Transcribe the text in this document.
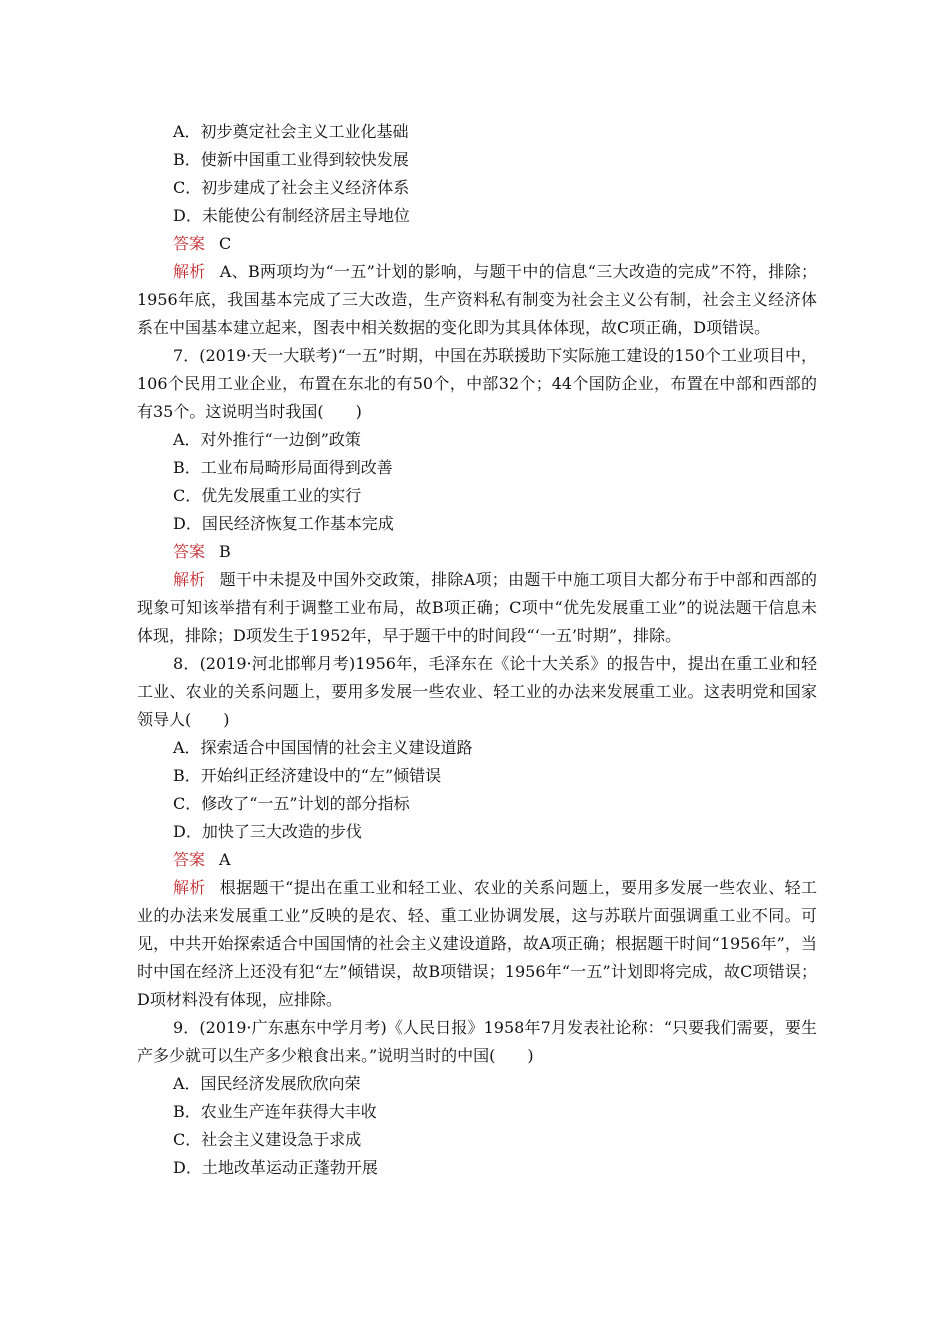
A．初步奠定社会主义工业化基础
B．使新中国重工业得到较快发展
C．初步建成了社会主义经济体系
D．未能使公有制经济居主导地位
答案 C
解析 A、B两项均为“一五”计划的影响，与题干中的信息“三大改造的完成”不符，排除；1956年底，我国基本完成了三大改造，生产资料私有制变为社会主义公有制，社会主义经济体系在中国基本建立起来，图表中相关数据的变化即为其具体体现，故C项正确，D项错误。
7．(2019·天一大联考)“一五”时期，中国在苏联援助下实际施工建设的150个工业项目中，106个民用工业企业，布置在东北的有50个，中部32个；44个国防企业，布置在中部和西部的有35个。这说明当时我国(　　)
A．对外推行“一边倒”政策
B．工业布局畸形局面得到改善
C．优先发展重工业的实行
D．国民经济恢复工作基本完成
答案 B
解析 题干中未提及中国外交政策，排除A项；由题干中施工项目大都分布于中部和西部的现象可知该举措有利于调整工业布局，故B项正确；C项中“优先发展重工业”的说法题干信息未体现，排除；D项发生于1952年，早于题干中的时间段“‘一五’时期”，排除。
8．(2019·河北邯郸月考)1956年，毛泽东在《论十大关系》的报告中，提出在重工业和轻工业、农业的关系问题上，要用多发展一些农业、轻工业的办法来发展重工业。这表明党和国家领导人(　　)
A．探索适合中国国情的社会主义建设道路
B．开始纠正经济建设中的“左”倾错误
C．修改了“一五”计划的部分指标
D．加快了三大改造的步伐
答案 A
解析 根据题干“提出在重工业和轻工业、农业的关系问题上，要用多发展一些农业、轻工业的办法来发展重工业”反映的是农、轻、重工业协调发展，这与苏联片面强调重工业不同。可见，中共开始探索适合中国国情的社会主义建设道路，故A项正确；根据题干时间“1956年”，当时中国在经济上还没有犯“左”倾错误，故B项错误；1956年“一五”计划即将完成，故C项错误；D项材料没有体现，应排除。
9．(2019·广东惠东中学月考)《人民日报》1958年7月发表社论称：“只要我们需要，要生产多少就可以生产多少粮食出来。”说明当时的中国(　　)
A．国民经济发展欣欣向荣
B．农业生产连年获得大丰收
C．社会主义建设急于求成
D．土地改革运动正蓬勃开展
